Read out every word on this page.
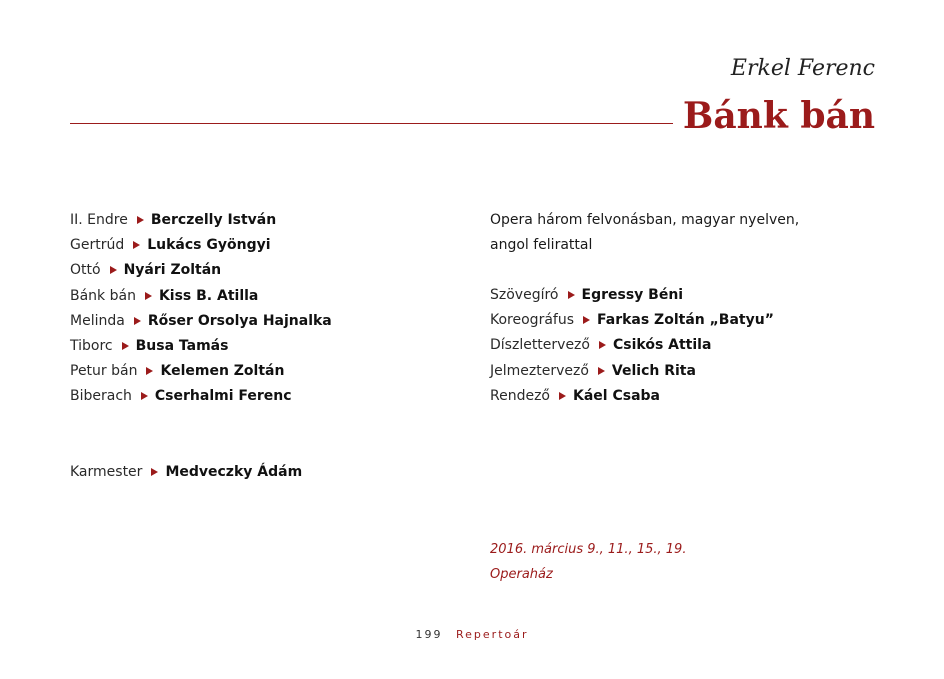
Erkel Ferenc

Bánk bán
II. Endre Berczelly István
Gertrúd Lukács Gyöngyi
Ottó Nyári Zoltán
Bánk bán Kiss B. Atilla
Melinda Rőser Orsolya Hajnalka
Tiborc Busa Tamás
Petur bán Kelemen Zoltán
Biberach Cserhalmi Ferenc
Karmester Medveczky Ádám
Opera három felvonásban, magyar nyelven,
angol felirattal
Szövegíró Egressy Béni
Koreográfus Farkas Zoltán „Batyu”
Díszlettervező Csikós Attila
Jelmeztervező Velich Rita
Rendező Káel Csaba
2016. március 9., 11., 15., 19.
Operaház
199 Repertoár
